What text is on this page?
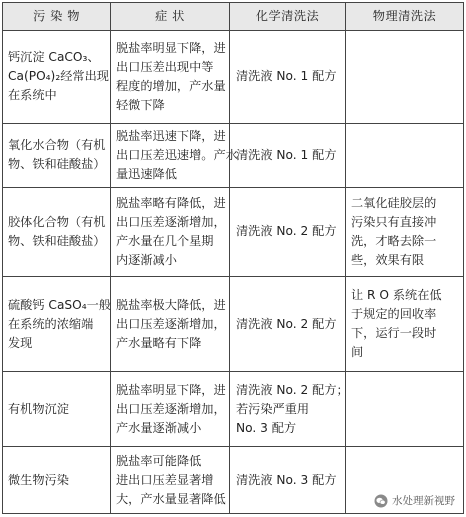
污 染 物	症 状	化学清洗法	物理清洗法

钙沉淀 CaCO₃、
Ca(PO₄)₂经常出现
在系统中	脱盐率明显下降，进
出口压差出现中等
程度的增加，产水量
轻微下降	清洗液 No. 1 配方	

氧化水合物（有机
物、铁和硅酸盐）	脱盐率迅速下降，进
出口压差迅速增。产水
量迅速降低	清洗液 No. 1 配方	

胶体化合物（有机
物、铁和硅酸盐）	脱盐率略有降低，进
出口压差逐渐增加，
产水量在几个星期
内逐渐减小	清洗液 No. 2 配方	二氧化硅胶层的
污染只有直接冲
洗，才略去除一
些，效果有限

硫酸钙 CaSO₄一般
在系统的浓缩端
发现	脱盐率极大降低，进
出口压差逐渐增加，
产水量略有下降	清洗液 No. 2 配方	让 R O 系统在低
于规定的回收率
下，运行一段时
间

有机物沉淀	脱盐率明显下降，进
出口压差逐渐增加，
产水量逐渐减小	清洗液 No. 2 配方；
若污染严重用
No. 3 配方	

微生物污染	脱盐率可能降低
进出口压差显著增
大，产水量显著降低	清洗液 No. 3 配方	

水处理新视野
